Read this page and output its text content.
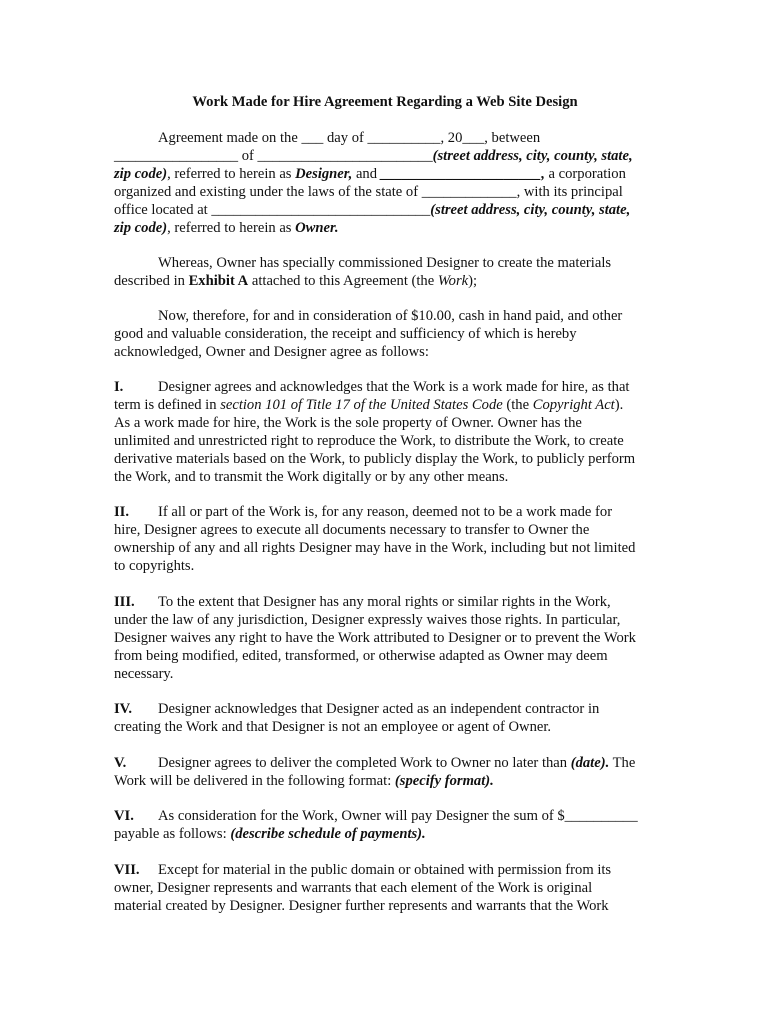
Work Made for Hire Agreement Regarding a Web Site Design
Agreement made on the ___ day of __________, 20___, between
_________________ of ________________________(street address, city, county, state,
zip code), referred to herein as Designer, and ______________________, a corporation
organized and existing under the laws of the state of _____________, with its principal
office located at ______________________________(street address, city, county, state,
zip code), referred to herein as Owner.
Whereas, Owner has specially commissioned Designer to create the materials
described in Exhibit A attached to this Agreement (the Work);
Now, therefore, for and in consideration of $10.00, cash in hand paid, and other
good and valuable consideration, the receipt and sufficiency of which is hereby
acknowledged, Owner and Designer agree as follows:
I. Designer agrees and acknowledges that the Work is a work made for hire, as that
term is defined in section 101 of Title 17 of the United States Code (the Copyright Act).
As a work made for hire, the Work is the sole property of Owner. Owner has the
unlimited and unrestricted right to reproduce the Work, to distribute the Work, to create
derivative materials based on the Work, to publicly display the Work, to publicly perform
the Work, and to transmit the Work digitally or by any other means.
II. If all or part of the Work is, for any reason, deemed not to be a work made for
hire, Designer agrees to execute all documents necessary to transfer to Owner the
ownership of any and all rights Designer may have in the Work, including but not limited
to copyrights.
III. To the extent that Designer has any moral rights or similar rights in the Work,
under the law of any jurisdiction, Designer expressly waives those rights. In particular,
Designer waives any right to have the Work attributed to Designer or to prevent the Work
from being modified, edited, transformed, or otherwise adapted as Owner may deem
necessary.
IV. Designer acknowledges that Designer acted as an independent contractor in
creating the Work and that Designer is not an employee or agent of Owner.
V. Designer agrees to deliver the completed Work to Owner no later than (date). The
Work will be delivered in the following format: (specify format).
VI. As consideration for the Work, Owner will pay Designer the sum of $__________
payable as follows: (describe schedule of payments).
VII. Except for material in the public domain or obtained with permission from its
owner, Designer represents and warrants that each element of the Work is original
material created by Designer. Designer further represents and warrants that the Work
